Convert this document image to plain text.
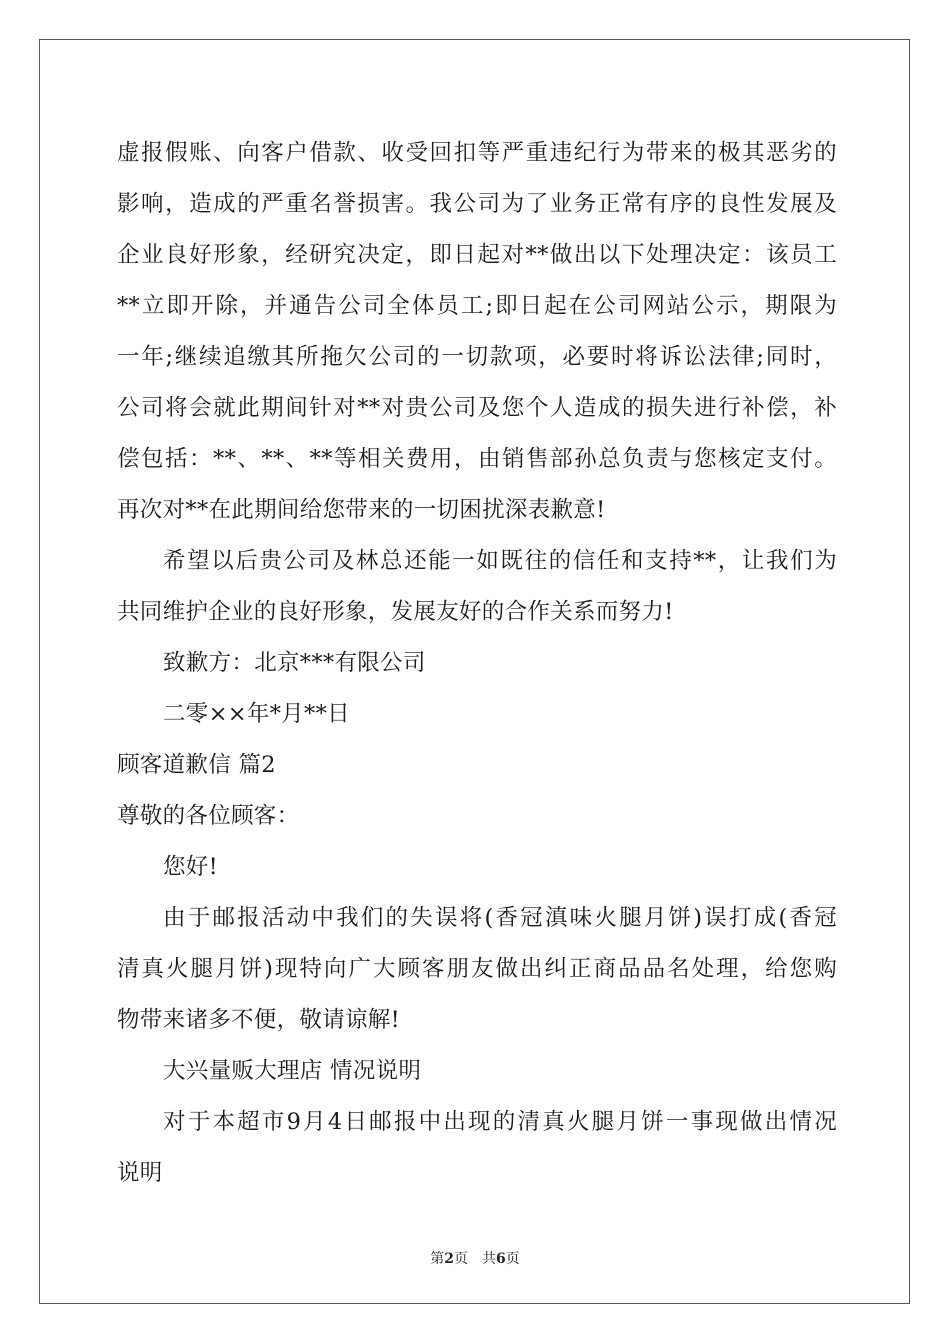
虚报假账、向客户借款、收受回扣等严重违纪行为带来的极其恶劣的
影响，造成的严重名誉损害。我公司为了业务正常有序的良性发展及
企业良好形象，经研究决定，即日起对**做出以下处理决定：该员工
**立即开除，并通告公司全体员工;即日起在公司网站公示，期限为
一年;继续追缴其所拖欠公司的一切款项，必要时将诉讼法律;同时，
公司将会就此期间针对**对贵公司及您个人造成的损失进行补偿，补
偿包括：**、**、**等相关费用，由销售部孙总负责与您核定支付。
再次对**在此期间给您带来的一切困扰深表歉意!
希望以后贵公司及林总还能一如既往的信任和支持**，让我们为
共同维护企业的良好形象，发展友好的合作关系而努力!
致歉方：北京***有限公司
二零××年*月**日
顾客道歉信 篇2
尊敬的各位顾客：
您好!
由于邮报活动中我们的失误将(香冠滇味火腿月饼)误打成(香冠
清真火腿月饼)现特向广大顾客朋友做出纠正商品品名处理，给您购
物带来诸多不便，敬请谅解!
大兴量贩大理店 情况说明
对于本超市9月4日邮报中出现的清真火腿月饼一事现做出情况
说明
第2页 共6页
